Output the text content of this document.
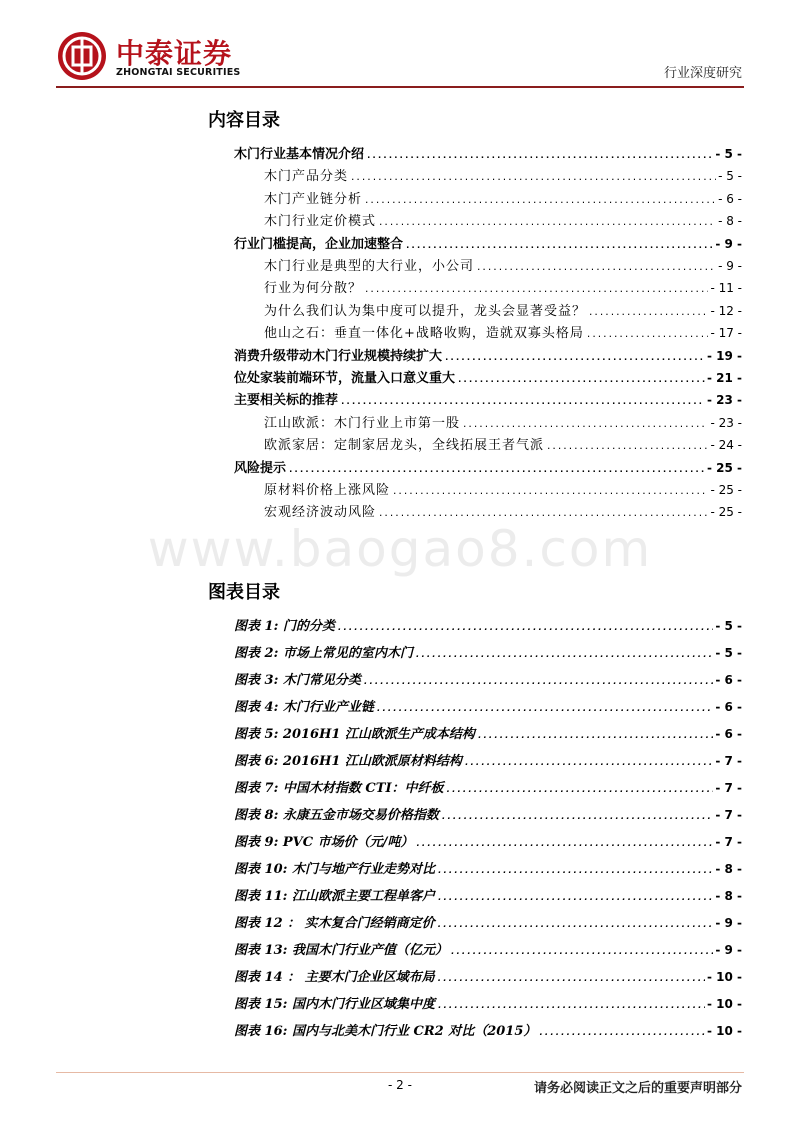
中泰证券
ZHONGTAI SECURITIES	行业深度研究
内容目录
木门行业基本情况介绍 .....	- 5 -
木门产品分类 .....	- 5 -
木门产业链分析 .....	- 6 -
木门行业定价模式 .....	- 8 -
行业门槛提高，企业加速整合 .....	- 9 -
木门行业是典型的大行业，小公司 .....	- 9 -
行业为何分散？ .....	- 11 -
为什么我们认为集中度可以提升，龙头会显著受益？ .....	- 12 -
他山之石：垂直一体化+战略收购，造就双寡头格局 .....	- 17 -
消费升级带动木门行业规模持续扩大 .....	- 19 -
位处家装前端环节，流量入口意义重大 .....	- 21 -
主要相关标的推荐 .....	- 23 -
江山欧派：木门行业上市第一股 .....	- 23 -
欧派家居：定制家居龙头，全线拓展王者气派 .....	- 24 -
风险提示 .....	- 25 -
原材料价格上涨风险 .....	- 25 -
宏观经济波动风险 .....	- 25 -
www.baogao8.com
图表目录
图表 1: 门的分类 .....	- 5 -
图表 2: 市场上常见的室内木门 .....	- 5 -
图表 3: 木门常见分类 .....	- 6 -
图表 4: 木门行业产业链 .....	- 6 -
图表 5: 2016H1 江山欧派生产成本结构 .....	- 6 -
图表 6: 2016H1 江山欧派原材料结构 .....	- 7 -
图表 7: 中国木材指数 CTI：中纤板 .....	- 7 -
图表 8: 永康五金市场交易价格指数 .....	- 7 -
图表 9: PVC 市场价（元/吨） .....	- 7 -
图表 10: 木门与地产行业走势对比 .....	- 8 -
图表 11: 江山欧派主要工程单客户 .....	- 8 -
图表 12 ： 实木复合门经销商定价 .....	- 9 -
图表 13: 我国木门行业产值（亿元） .....	- 9 -
图表 14 ： 主要木门企业区域布局 .....	- 10 -
图表 15: 国内木门行业区域集中度 .....	- 10 -
图表 16: 国内与北美木门行业 CR2 对比（2015） .....	- 10 -
- 2 -	请务必阅读正文之后的重要声明部分
